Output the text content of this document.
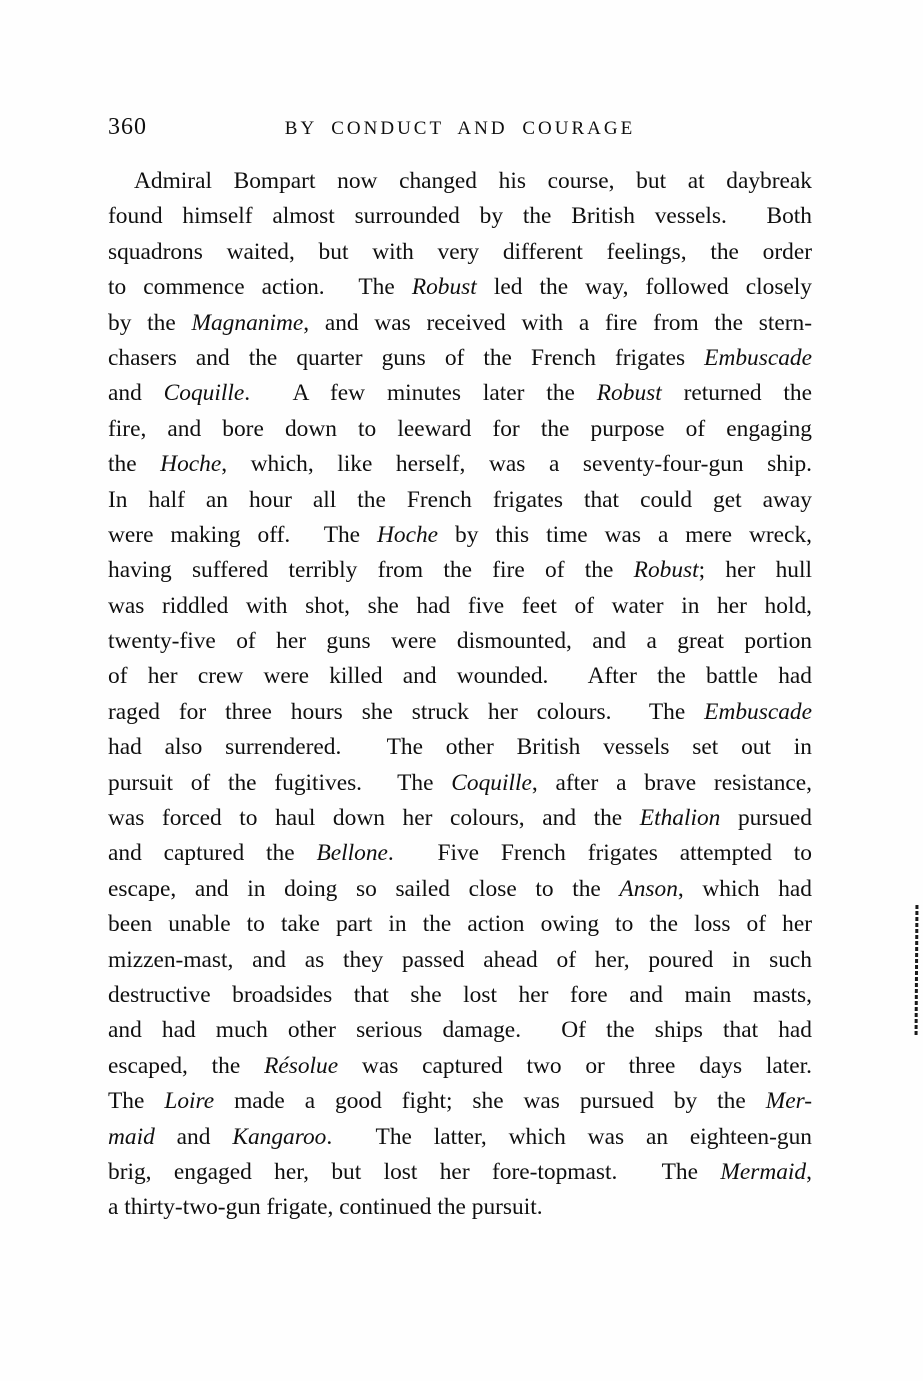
360	BY CONDUCT AND COURAGE
Admiral Bompart now changed his course, but at daybreak
found himself almost surrounded by the British vessels.  Both
squadrons waited, but with very different feelings, the order
to commence action.  The Robust led the way, followed closely
by the Magnanime, and was received with a fire from the stern-
chasers and the quarter guns of the French frigates Embuscade
and Coquille.  A few minutes later the Robust returned the
fire, and bore down to leeward for the purpose of engaging
the Hoche, which, like herself, was a seventy-four-gun ship.
In half an hour all the French frigates that could get away
were making off.  The Hoche by this time was a mere wreck,
having suffered terribly from the fire of the Robust; her hull
was riddled with shot, she had five feet of water in her hold,
twenty-five of her guns were dismounted, and a great portion
of her crew were killed and wounded.  After the battle had
raged for three hours she struck her colours.  The Embuscade
had also surrendered.  The other British vessels set out in
pursuit of the fugitives.  The Coquille, after a brave resistance,
was forced to haul down her colours, and the Ethalion pursued
and captured the Bellone.  Five French frigates attempted to
escape, and in doing so sailed close to the Anson, which had
been unable to take part in the action owing to the loss of her
mizzen-mast, and as they passed ahead of her, poured in such
destructive broadsides that she lost her fore and main masts,
and had much other serious damage.  Of the ships that had
escaped, the Résolue was captured two or three days later.
The Loire made a good fight; she was pursued by the Mer-
maid and Kangaroo.  The latter, which was an eighteen-gun
brig, engaged her, but lost her fore-topmast.  The Mermaid,
a thirty-two-gun frigate, continued the pursuit.
